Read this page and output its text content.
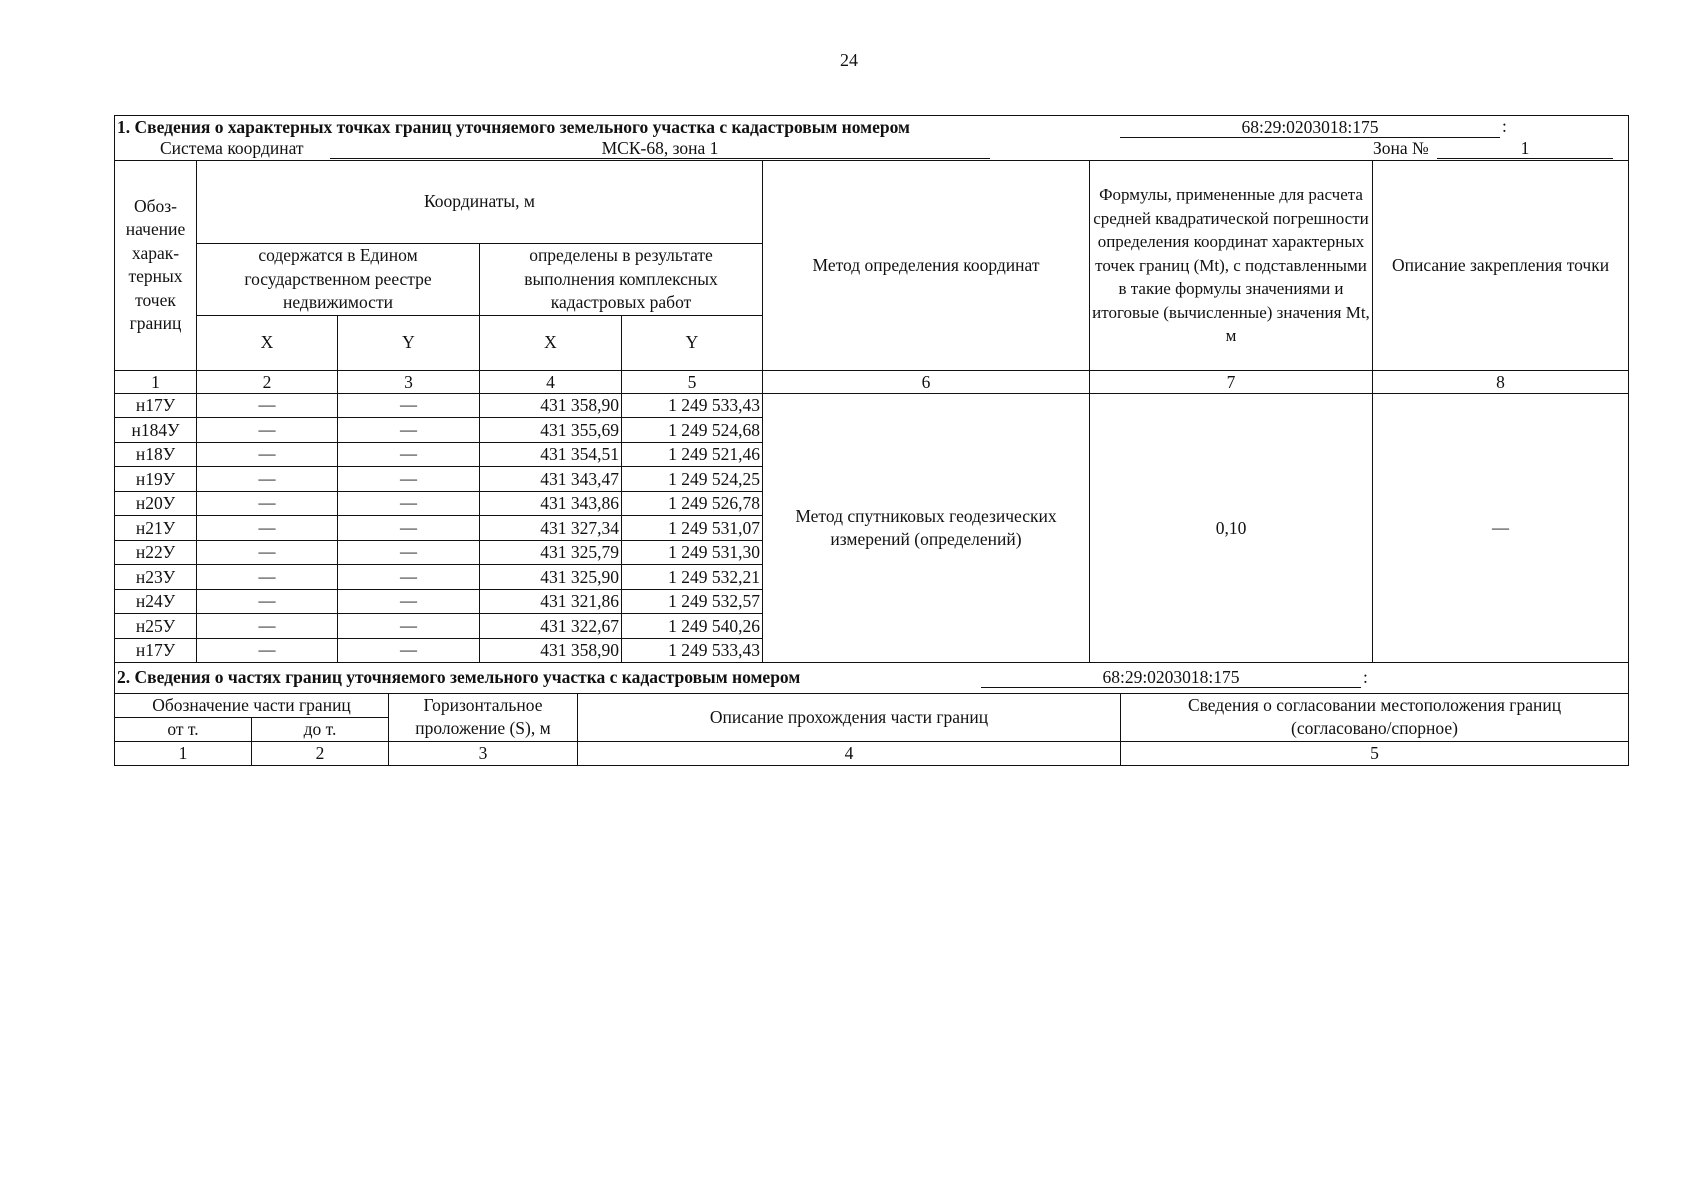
24
1. Сведения о характерных точках границ уточняемого земельного участка с кадастровым номером 68:29:0203018:175 :							

Система координат МСК-68, зона 1 Зона № 1							

Обоз-начение харак-терных точек границ	Координаты, м				Метод определения координат	Формулы, примененные для расчета средней квадратической погрешности определения координат характерных точек границ (Mt), с подставленными в такие формулы значениями и итоговые (вычисленные) значения Mt, м	Описание закрепления точки
	содержатся в Едином государственном реестре недвижимости		определены в результате выполнения комплексных кадастровых работ				
	X	Y	X	Y			
1	2	3	4	5	6	7	8
н17У	—	—	431 358,90	1 249 533,43	Метод спутниковых геодезических измерений (определений)	0,10	—
н184У	—	—	431 355,69	1 249 524,68			
н18У	—	—	431 354,51	1 249 521,46			
н19У	—	—	431 343,47	1 249 524,25			
н20У	—	—	431 343,86	1 249 526,78			
н21У	—	—	431 327,34	1 249 531,07			
н22У	—	—	431 325,79	1 249 531,30			
н23У	—	—	431 325,90	1 249 532,21			
н24У	—	—	431 321,86	1 249 532,57			
н25У	—	—	431 322,67	1 249 540,26			
н17У	—	—	431 358,90	1 249 533,43			
2. Сведения о частях границ уточняемого земельного участка с кадастровым номером 68:29:0203018:175 :				

Обозначение части границ		Горизонтальное проложение (S), м	Описание прохождения части границ	Сведения о согласовании местоположения границ (согласовано/спорное)
от т.	до т.			
1	2	3	4	5
